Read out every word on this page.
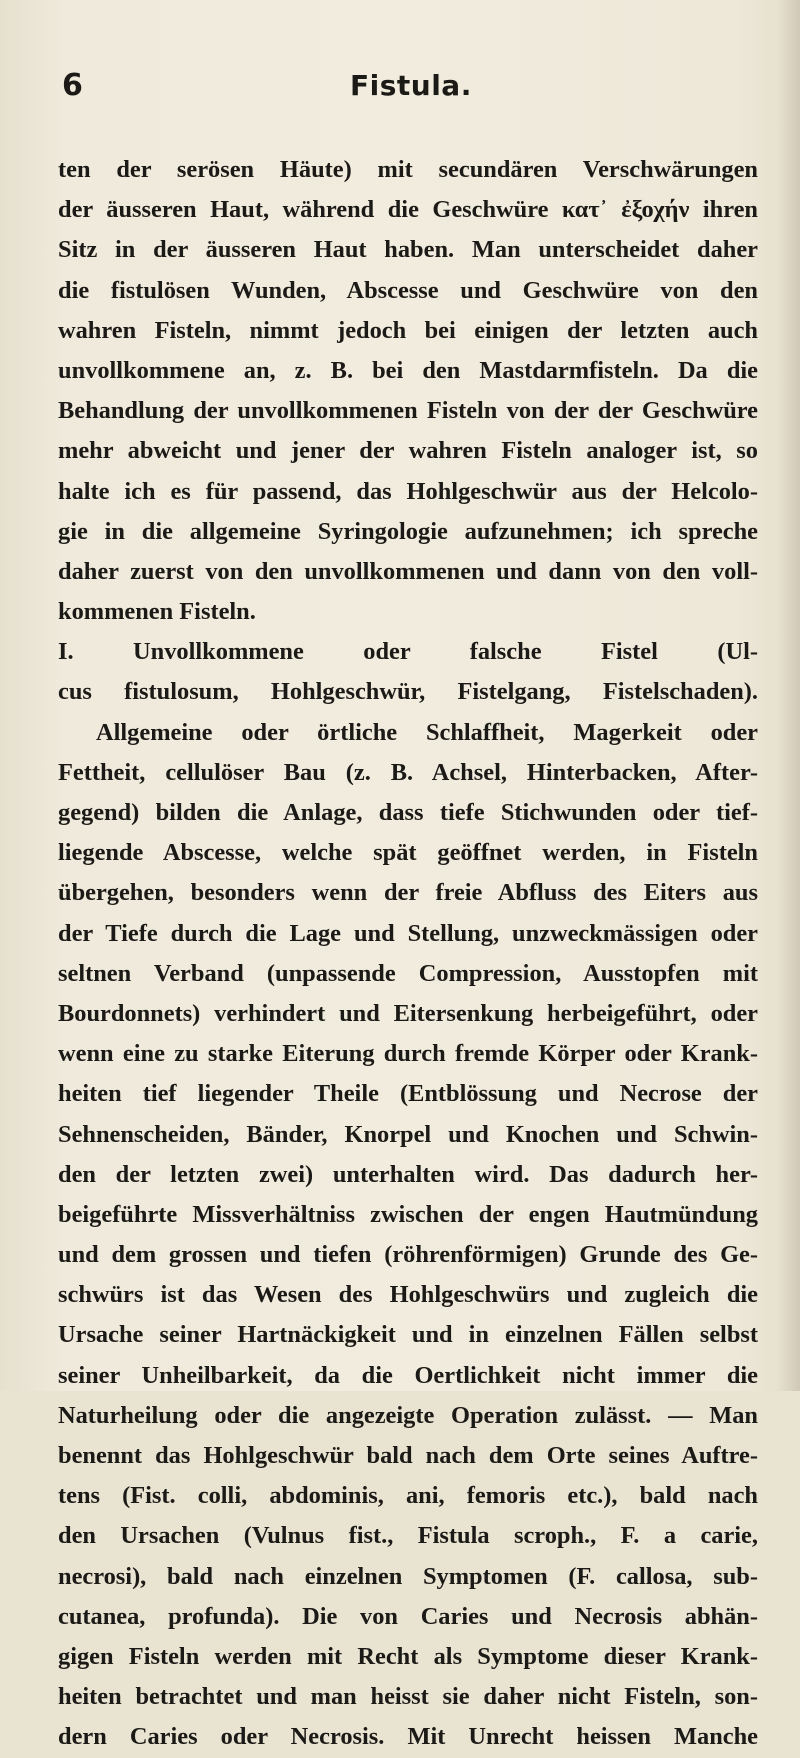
6	Fistula.
ten der serösen Häute) mit secundären Verschwärungen
der äusseren Haut, während die Geschwüre κατ᾽ ἐξοχήν ihren
Sitz in der äusseren Haut haben. Man unterscheidet daher
die fistulösen Wunden, Abscesse und Geschwüre von den
wahren Fisteln, nimmt jedoch bei einigen der letzten auch
unvollkommene an, z. B. bei den Mastdarmfisteln. Da die
Behandlung der unvollkommenen Fisteln von der der Geschwüre
mehr abweicht und jener der wahren Fisteln analoger ist, so
halte ich es für passend, das Hohlgeschwür aus der Helcolo-
gie in die allgemeine Syringologie aufzunehmen; ich spreche
daher zuerst von den unvollkommenen und dann von den voll-
kommenen Fisteln.
I. Unvollkommene oder falsche Fistel (Ul-
cus fistulosum, Hohlgeschwür, Fistelgang, Fistelschaden).
Allgemeine oder örtliche Schlaffheit, Magerkeit oder
Fettheit, cellulöser Bau (z. B. Achsel, Hinterbacken, After-
gegend) bilden die Anlage, dass tiefe Stichwunden oder tief-
liegende Abscesse, welche spät geöffnet werden, in Fisteln
übergehen, besonders wenn der freie Abfluss des Eiters aus
der Tiefe durch die Lage und Stellung, unzweckmässigen oder
seltnen Verband (unpassende Compression, Ausstopfen mit
Bourdonnets) verhindert und Eitersenkung herbeigeführt, oder
wenn eine zu starke Eiterung durch fremde Körper oder Krank-
heiten tief liegender Theile (Entblössung und Necrose der
Sehnenscheiden, Bänder, Knorpel und Knochen und Schwin-
den der letzten zwei) unterhalten wird. Das dadurch her-
beigeführte Missverhältniss zwischen der engen Hautmündung
und dem grossen und tiefen (röhrenförmigen) Grunde des Ge-
schwürs ist das Wesen des Hohlgeschwürs und zugleich die
Ursache seiner Hartnäckigkeit und in einzelnen Fällen selbst
seiner Unheilbarkeit, da die Oertlichkeit nicht immer die
Naturheilung oder die angezeigte Operation zulässt. — Man
benennt das Hohlgeschwür bald nach dem Orte seines Auftre-
tens (Fist. colli, abdominis, ani, femoris etc.), bald nach
den Ursachen (Vulnus fist., Fistula scroph., F. a carie,
necrosi), bald nach einzelnen Symptomen (F. callosa, sub-
cutanea, profunda). Die von Caries und Necrosis abhän-
gigen Fisteln werden mit Recht als Symptome dieser Krank-
heiten betrachtet und man heisst sie daher nicht Fisteln, son-
dern Caries oder Necrosis. Mit Unrecht heissen Manche
